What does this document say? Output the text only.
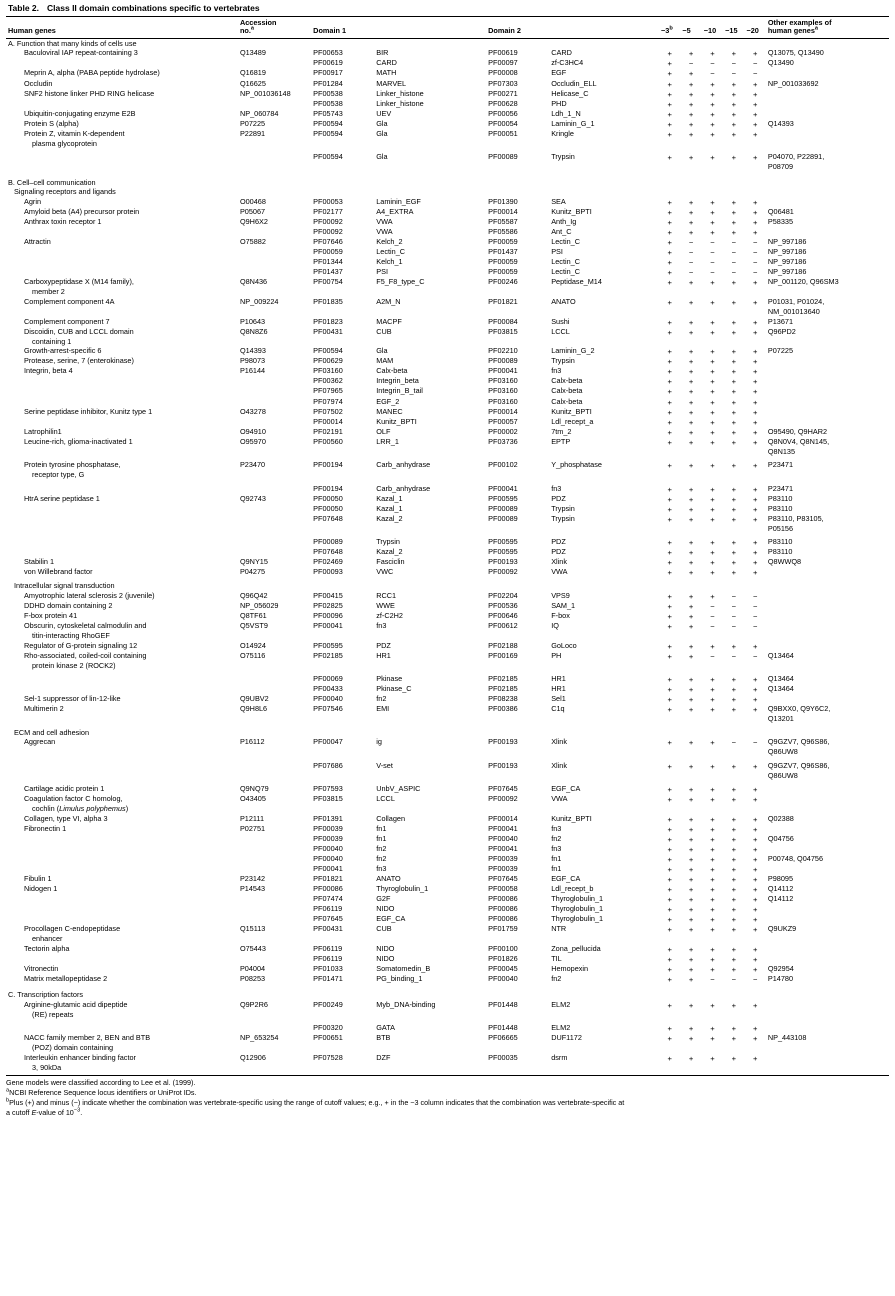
Table 2. Class II domain combinations specific to vertebrates
Human genes	Accession
no.$^a$	Domain 1		Domain 2		$-3^b$	−5	−10	−15	−20	Other examples of
human genes$^a$
A. Function that many kinds of cells use											
Baculoviral IAP repeat-containing 3	Q13489	PF00653	BIR	PF00619	CARD	+	+	+	+	+	Q13075, Q13490
		PF00619	CARD	PF00097	zf-C3HC4	+	−	−	−	−	Q13490
Meprin A, alpha (PABA peptide hydrolase)	Q16819	PF00917	MATH	PF00008	EGF	+	+	−	−	−	
Occludin	Q16625	PF01284	MARVEL	PF07303	Occludin_ELL	+	+	+	+	+	NP_001033692
SNF2 histone linker PHD RING helicase	NP_001036148	PF00538	Linker_histone	PF00271	Helicase_C	+	+	+	+	+	
		PF00538	Linker_histone	PF00628	PHD	+	+	+	+	+	
Ubiquitin-conjugating enzyme E2B	NP_060784	PF05743	UEV	PF00056	Ldh_1_N	+	+	+	+	+	
Protein S (alpha)	P07225	PF00594	Gla	PF00054	Laminin_G_1	+	+	+	+	+	Q14393
Protein Z, vitamin K-dependent	P22891	PF00594	Gla	PF00051	Kringle	+	+	+	+	+	
plasma glycoprotein											

		PF00594	Gla	PF00089	Trypsin	+	+	+	+	+	P04070, P22891,
											P08709

B. Cell–cell communication											
Signaling receptors and ligands											
Agrin	O00468	PF00053	Laminin_EGF	PF01390	SEA	+	+	+	+	+	
Amyloid beta (A4) precursor protein	P05067	PF02177	A4_EXTRA	PF00014	Kunitz_BPTI	+	+	+	+	+	Q06481
Anthrax toxin receptor 1	Q9H6X2	PF00092	VWA	PF05587	Anth_Ig	+	+	+	+	+	P58335
		PF00092	VWA	PF05586	Ant_C	+	+	+	+	+	
Attractin	O75882	PF07646	Kelch_2	PF00059	Lectin_C	+	−	−	−	−	NP_997186
		PF00059	Lectin_C	PF01437	PSI	+	−	−	−	−	NP_997186
		PF01344	Kelch_1	PF00059	Lectin_C	+	−	−	−	−	NP_997186
		PF01437	PSI	PF00059	Lectin_C	+	−	−	−	−	NP_997186
Carboxypeptidase X (M14 family),	Q8N436	PF00754	F5_F8_type_C	PF00246	Peptidase_M14	+	+	+	+	+	NP_001120, Q96SM3
member 2											
Complement component 4A	NP_009224	PF01835	A2M_N	PF01821	ANATO	+	+	+	+	+	P01031, P01024,
											NM_001013640
Complement component 7	P10643	PF01823	MACPF	PF00084	Sushi	+	+	+	+	+	P13671
Discoidin, CUB and LCCL domain	Q8N8Z6	PF00431	CUB	PF03815	LCCL	+	+	+	+	+	Q96PD2
containing 1											
Growth-arrest-specific 6	Q14393	PF00594	Gla	PF02210	Laminin_G_2	+	+	+	+	+	P07225
Protease, serine, 7 (enterokinase)	P98073	PF00629	MAM	PF00089	Trypsin	+	+	+	+	+	
Integrin, beta 4	P16144	PF03160	Calx-beta	PF00041	fn3	+	+	+	+	+	
		PF00362	Integrin_beta	PF03160	Calx-beta	+	+	+	+	+	
		PF07965	Integrin_B_tail	PF03160	Calx-beta	+	+	+	+	+	
		PF07974	EGF_2	PF03160	Calx-beta	+	+	+	+	+	
Serine peptidase inhibitor, Kunitz type 1	O43278	PF07502	MANEC	PF00014	Kunitz_BPTI	+	+	+	+	+	
		PF00014	Kunitz_BPTI	PF00057	Ldl_recept_a	+	+	+	+	+	
Latrophilin1	O94910	PF02191	OLF	PF00002	7tm_2	+	+	+	+	+	O95490, Q9HAR2
Leucine-rich, glioma-inactivated 1	O95970	PF00560	LRR_1	PF03736	EPTP	+	+	+	+	+	Q8N0V4, Q8N145,
											Q8N135

Protein tyrosine phosphatase,	P23470	PF00194	Carb_anhydrase	PF00102	Y_phosphatase	+	+	+	+	+	P23471
receptor type, G											

		PF00194	Carb_anhydrase	PF00041	fn3	+	+	+	+	+	P23471
HtrA serine peptidase 1	Q92743	PF00050	Kazal_1	PF00595	PDZ	+	+	+	+	+	P83110
		PF00050	Kazal_1	PF00089	Trypsin	+	+	+	+	+	P83110
		PF07648	Kazal_2	PF00089	Trypsin	+	+	+	+	+	P83110, P83105,
											P05156

		PF00089	Trypsin	PF00595	PDZ	+	+	+	+	+	P83110
		PF07648	Kazal_2	PF00595	PDZ	+	+	+	+	+	P83110
Stabilin 1	Q9NY15	PF02469	Fasciclin	PF00193	Xlink	+	+	+	+	+	Q8WWQ8
von Willebrand factor	P04275	PF00093	VWC	PF00092	VWA	+	+	+	+	+	

Intracellular signal transduction											
Amyotrophic lateral sclerosis 2 (juvenile)	Q96Q42	PF00415	RCC1	PF02204	VPS9	+	+	+	−	−	
DDHD domain containing 2	NP_056029	PF02825	WWE	PF00536	SAM_1	+	+	−	−	−	
F-box protein 41	Q8TF61	PF00096	zf-C2H2	PF00646	F-box	+	+	−	−	−	
Obscurin, cytoskeletal calmodulin and	Q5VST9	PF00041	fn3	PF00612	IQ	+	+	−	−	−	
titin-interacting RhoGEF											
Regulator of G-protein signaling 12	O14924	PF00595	PDZ	PF02188	GoLoco	+	+	+	+	+	
Rho-associated, coiled-coil containing	O75116	PF02185	HR1	PF00169	PH	+	+	−	−	−	Q13464
protein kinase 2 (ROCK2)											

		PF00069	Pkinase	PF02185	HR1	+	+	+	+	+	Q13464
		PF00433	Pkinase_C	PF02185	HR1	+	+	+	+	+	Q13464
Sel-1 suppressor of lin-12-like	Q9UBV2	PF00040	fn2	PF08238	Sel1	+	+	+	+	+	
Multimerin 2	Q9H8L6	PF07546	EMI	PF00386	C1q	+	+	+	+	+	Q9BXX0, Q9Y6C2,
											Q13201

ECM and cell adhesion											
Aggrecan	P16112	PF00047	ig	PF00193	Xlink	+	+	+	−	−	Q9GZV7, Q96S86,
											Q86UW8

		PF07686	V-set	PF00193	Xlink	+	+	+	+	+	Q9GZV7, Q96S86,
											Q86UW8

Cartilage acidic protein 1	Q9NQ79	PF07593	UnbV_ASPIC	PF07645	EGF_CA	+	+	+	+	+	
Coagulation factor C homolog,	O43405	PF03815	LCCL	PF00092	VWA	+	+	+	+	+	
cochlin (Limulus polyphemus)											
Collagen, type VI, alpha 3	P12111	PF01391	Collagen	PF00014	Kunitz_BPTI	+	+	+	+	+	Q02388
Fibronectin 1	P02751	PF00039	fn1	PF00041	fn3	+	+	+	+	+	
		PF00039	fn1	PF00040	fn2	+	+	+	+	+	Q04756
		PF00040	fn2	PF00041	fn3	+	+	+	+	+	
		PF00040	fn2	PF00039	fn1	+	+	+	+	+	P00748, Q04756
		PF00041	fn3	PF00039	fn1	+	+	+	+	+	
Fibulin 1	P23142	PF01821	ANATO	PF07645	EGF_CA	+	+	+	+	+	P98095
Nidogen 1	P14543	PF00086	Thyroglobulin_1	PF00058	Ldl_recept_b	+	+	+	+	+	Q14112
		PF07474	G2F	PF00086	Thyroglobulin_1	+	+	+	+	+	Q14112
		PF06119	NIDO	PF00086	Thyroglobulin_1	+	+	+	+	+	
		PF07645	EGF_CA	PF00086	Thyroglobulin_1	+	+	+	+	+	
Procollagen C-endopeptidase	Q15113	PF00431	CUB	PF01759	NTR	+	+	+	+	+	Q9UKZ9
enhancer											
Tectorin alpha	O75443	PF06119	NIDO	PF00100	Zona_pellucida	+	+	+	+	+	
		PF06119	NIDO	PF01826	TIL	+	+	+	+	+	
Vitronectin	P04004	PF01033	Somatomedin_B	PF00045	Hemopexin	+	+	+	+	+	Q92954
Matrix metallopeptidase 2	P08253	PF01471	PG_binding_1	PF00040	fn2	+	+	−	−	−	P14780

C. Transcription factors											
Arginine-glutamic acid dipeptide	Q9P2R6	PF00249	Myb_DNA-binding	PF01448	ELM2	+	+	+	+	+	
(RE) repeats											

		PF00320	GATA	PF01448	ELM2	+	+	+	+	+	
NACC family member 2, BEN and BTB	NP_653254	PF00651	BTB	PF06665	DUF1172	+	+	+	+	+	NP_443108
(POZ) domain containing											
Interleukin enhancer binding factor	Q12906	PF07528	DZF	PF00035	dsrm	+	+	+	+	+	
3, 90kDa											
Gene models were classified according to Lee et al. (1999).
$^a$NCBI Reference Sequence locus identifiers or UniProt IDs.
$^b$Plus (+) and minus (−) indicate whether the combination was vertebrate-specific using the range of cutoff values; e.g., + in the −3 column indicates that the combination was vertebrate-specific at
a cutoff E-value of $10^{-3}$.
